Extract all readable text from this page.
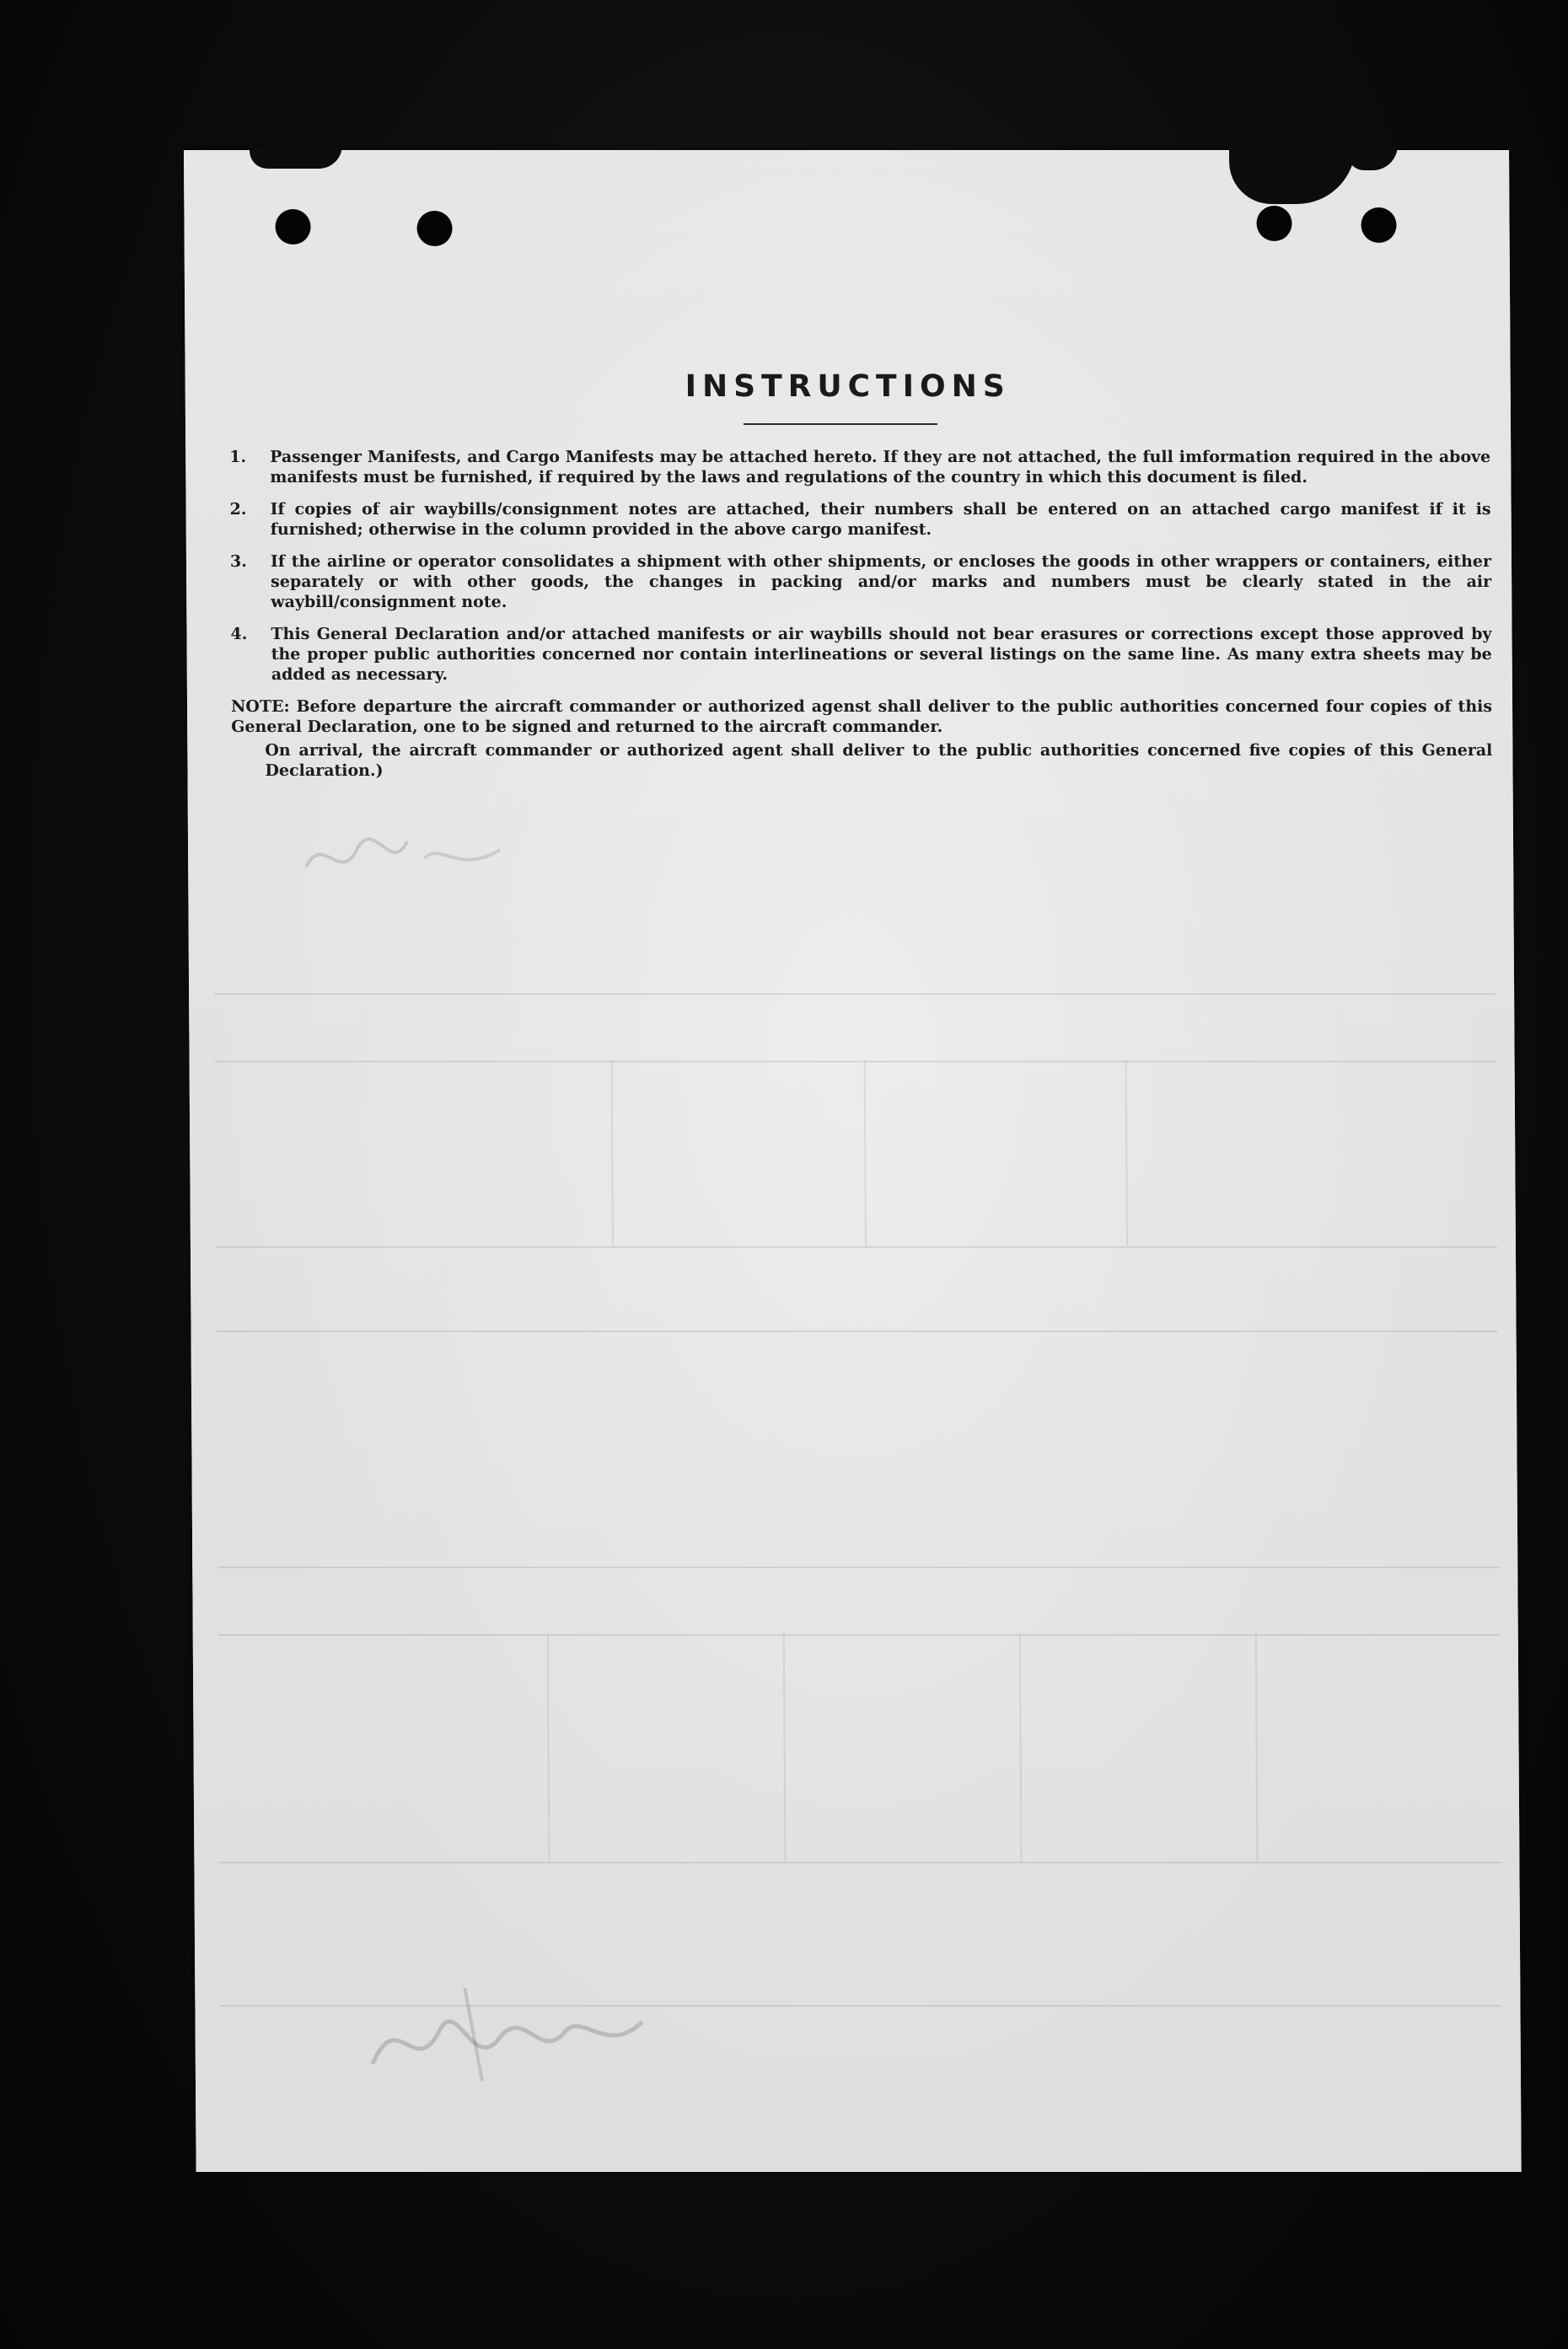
INSTRUCTIONS
1.	Passenger Manifests, and Cargo Manifests may be attached hereto. If they are not attached, the full imformation required in the above manifests must be furnished, if required by the laws and regulations of the country in which this document is filed.
2.	If copies of air waybills/consignment notes are attached, their numbers shall be entered on an attached cargo manifest if it is furnished; otherwise in the column provided in the above cargo manifest.
3.	If the airline or operator consolidates a shipment with other shipments, or encloses the goods in other wrappers or containers, either separately or with other goods, the changes in packing and/or marks and numbers must be clearly stated in the air waybill/consignment note.
4.	This General Declaration and/or attached manifests or air waybills should not bear erasures or corrections except those approved by the proper public authorities concerned nor contain interlineations or several listings on the same line. As many extra sheets may be added as necessary.
NOTE: Before departure the aircraft commander or authorized agenst shall deliver to the public authorities concerned four copies of this General Declaration, one to be signed and returned to the aircraft commander.
On arrival, the aircraft commander or authorized agent shall deliver to the public authorities concerned five copies of this General Declaration.)
